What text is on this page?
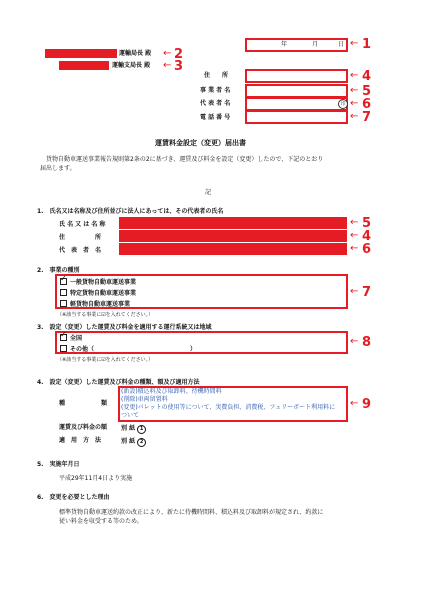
年	月	日 ← 1
運輸局長 殿 ← 2
運輸支局長 殿 ← 3
住　　所	← 4
事 業 者 名	← 5
代 表 者 名	印 ← 6
電 話 番 号	← 7
運賃料金設定（変更）届出書
　貨物自動車運送事業報告規則第2条の2に基づき、運賃及び料金を設定（変更）したので、下記のとおり
届出します。
記
1.　氏名又は名称及び住所並びに法人にあっては、その代表者の氏名
氏 名 又 は 名 称	← 5
住　　　　　所	← 4
代　表　者　名	← 6
2.　事業の種別
✓一般貨物自動車運送事業
特定貨物自動車運送事業
軽貨物自動車運送事業
← 7
（※該当する事業に☑を入れてください。）
3.　設定（変更）した運賃及び料金を適用する運行系統又は地域
✓全国
その他（　　　　　　　　　　　　　　　　）
← 8
（※該当する事業に☑を入れてください。）
4.　設定（変更）した運賃及び料金の種類、額及び適用方法
種　　　　　　類
(新設)積込料及び取卸料、待機時間料
(削除)車両留置料
(変更)パレットの使用等について、実費負担、消費税、フェリーボート利用料に
ついて
← 9
運賃及び料金の額 別 紙 1
適　用　方　法	別 紙 2
5.　実施年月日
平成29年11月4日より実施
6.　変更を必要とした理由
標準貨物自動車運送約款の改正により、新たに待機時間料、積込料及び取卸料が規定され、約款に
従い料金を収受する等のため。
